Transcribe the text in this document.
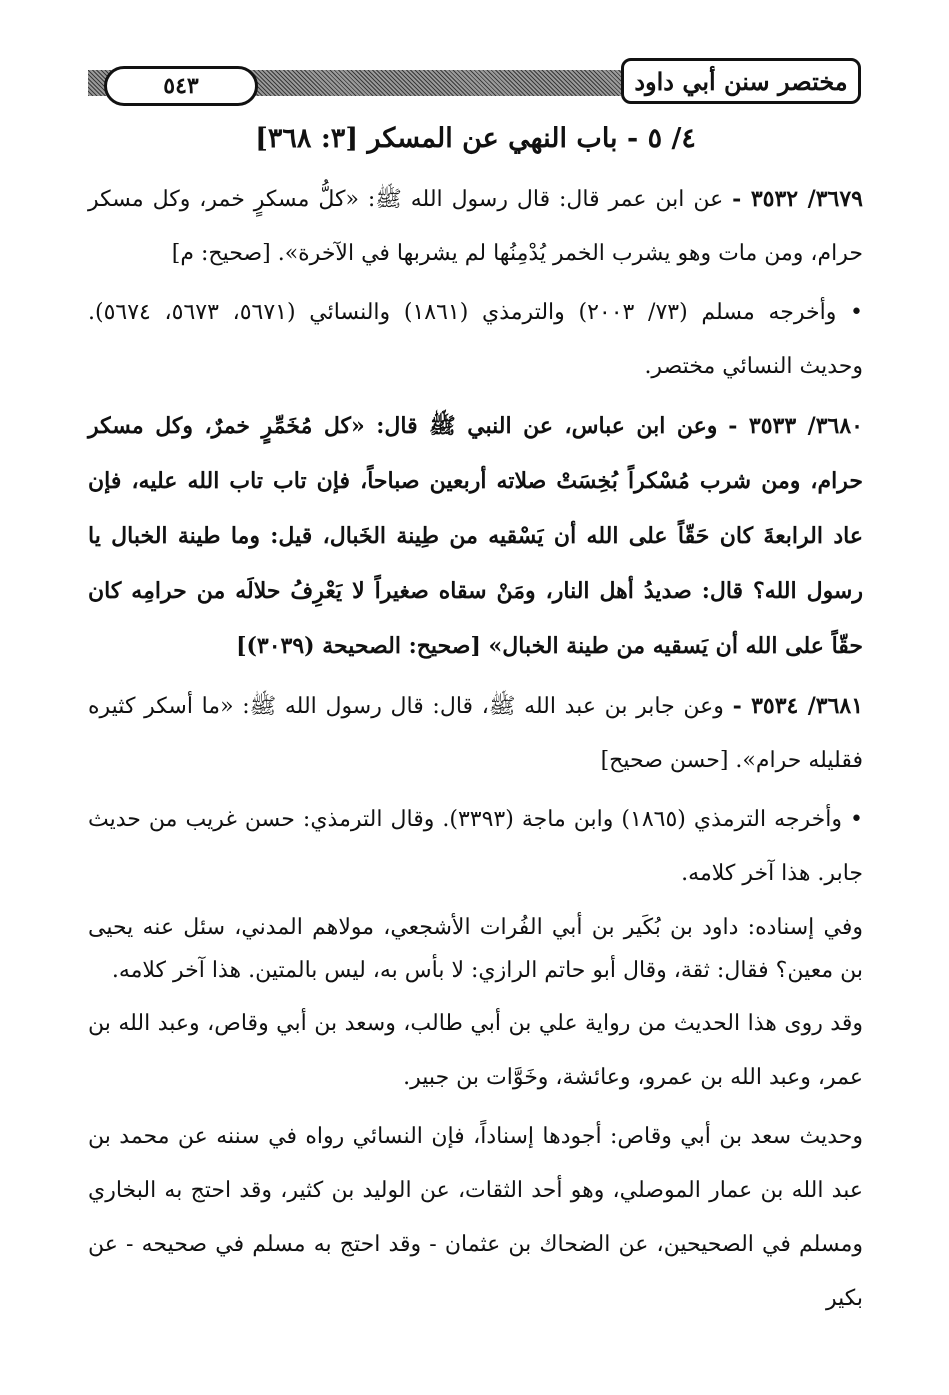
٥٤٣	مختصر سنن أبي داود
٤/ ٥ - باب النهي عن المسكر [٣: ٣٦٨]

٣٦٧٩/ ٣٥٣٢ - عن ابن عمر قال: قال رسول الله ﷺ: «كلُّ مسكرٍ خمر، وكل مسكر حرام، ومن مات وهو يشرب الخمر يُدْمِنُها لم يشربها في الآخرة». [صحيح: م]

• وأخرجه مسلم (٧٣/ ٢٠٠٣) والترمذي (١٨٦١) والنسائي (٥٦٧١، ٥٦٧٣، ٥٦٧٤). وحديث النسائي مختصر.

٣٦٨٠/ ٣٥٣٣ - وعن ابن عباس، عن النبي ﷺ قال: «كل مُخَمِّرٍ خمرٌ، وكل مسكر حرام، ومن شرب مُسْكراً بُخِسَتْ صلاته أربعين صباحاً، فإن تاب تاب الله عليه، فإن عاد الرابعةَ كان حَقّاً على الله أن يَسْقيه من طِينة الخَبال، قيل: وما طينة الخبال يا رسول الله؟ قال: صديدُ أهل النار، ومَنْ سقاه صغيراً لا يَعْرِفُ حلالَه من حرامِه كان حقّاً على الله أن يَسقيه من طينة الخبال» [صحيح: الصحيحة (٣٠٣٩)]

٣٦٨١/ ٣٥٣٤ - وعن جابر بن عبد الله ﷺ، قال: قال رسول الله ﷺ: «ما أسكر كثيره فقليله حرام». [حسن صحيح]

• وأخرجه الترمذي (١٨٦٥) وابن ماجة (٣٣٩٣). وقال الترمذي: حسن غريب من حديث جابر. هذا آخر كلامه.

وفي إسناده: داود بن بُكَير بن أبي الفُرات الأشجعي، مولاهم المدني، سئل عنه يحيى بن معين؟ فقال: ثقة، وقال أبو حاتم الرازي: لا بأس به، ليس بالمتين. هذا آخر كلامه.

وقد روى هذا الحديث من رواية علي بن أبي طالب، وسعد بن أبي وقاص، وعبد الله بن عمر، وعبد الله بن عمرو، وعائشة، وخَوَّات بن جبير.

وحديث سعد بن أبي وقاص: أجودها إسناداً، فإن النسائي رواه في سننه عن محمد بن عبد الله بن عمار الموصلي، وهو أحد الثقات، عن الوليد بن كثير، وقد احتج به البخاري ومسلم في الصحيحين، عن الضحاك بن عثمان - وقد احتج به مسلم في صحيحه - عن بكير
